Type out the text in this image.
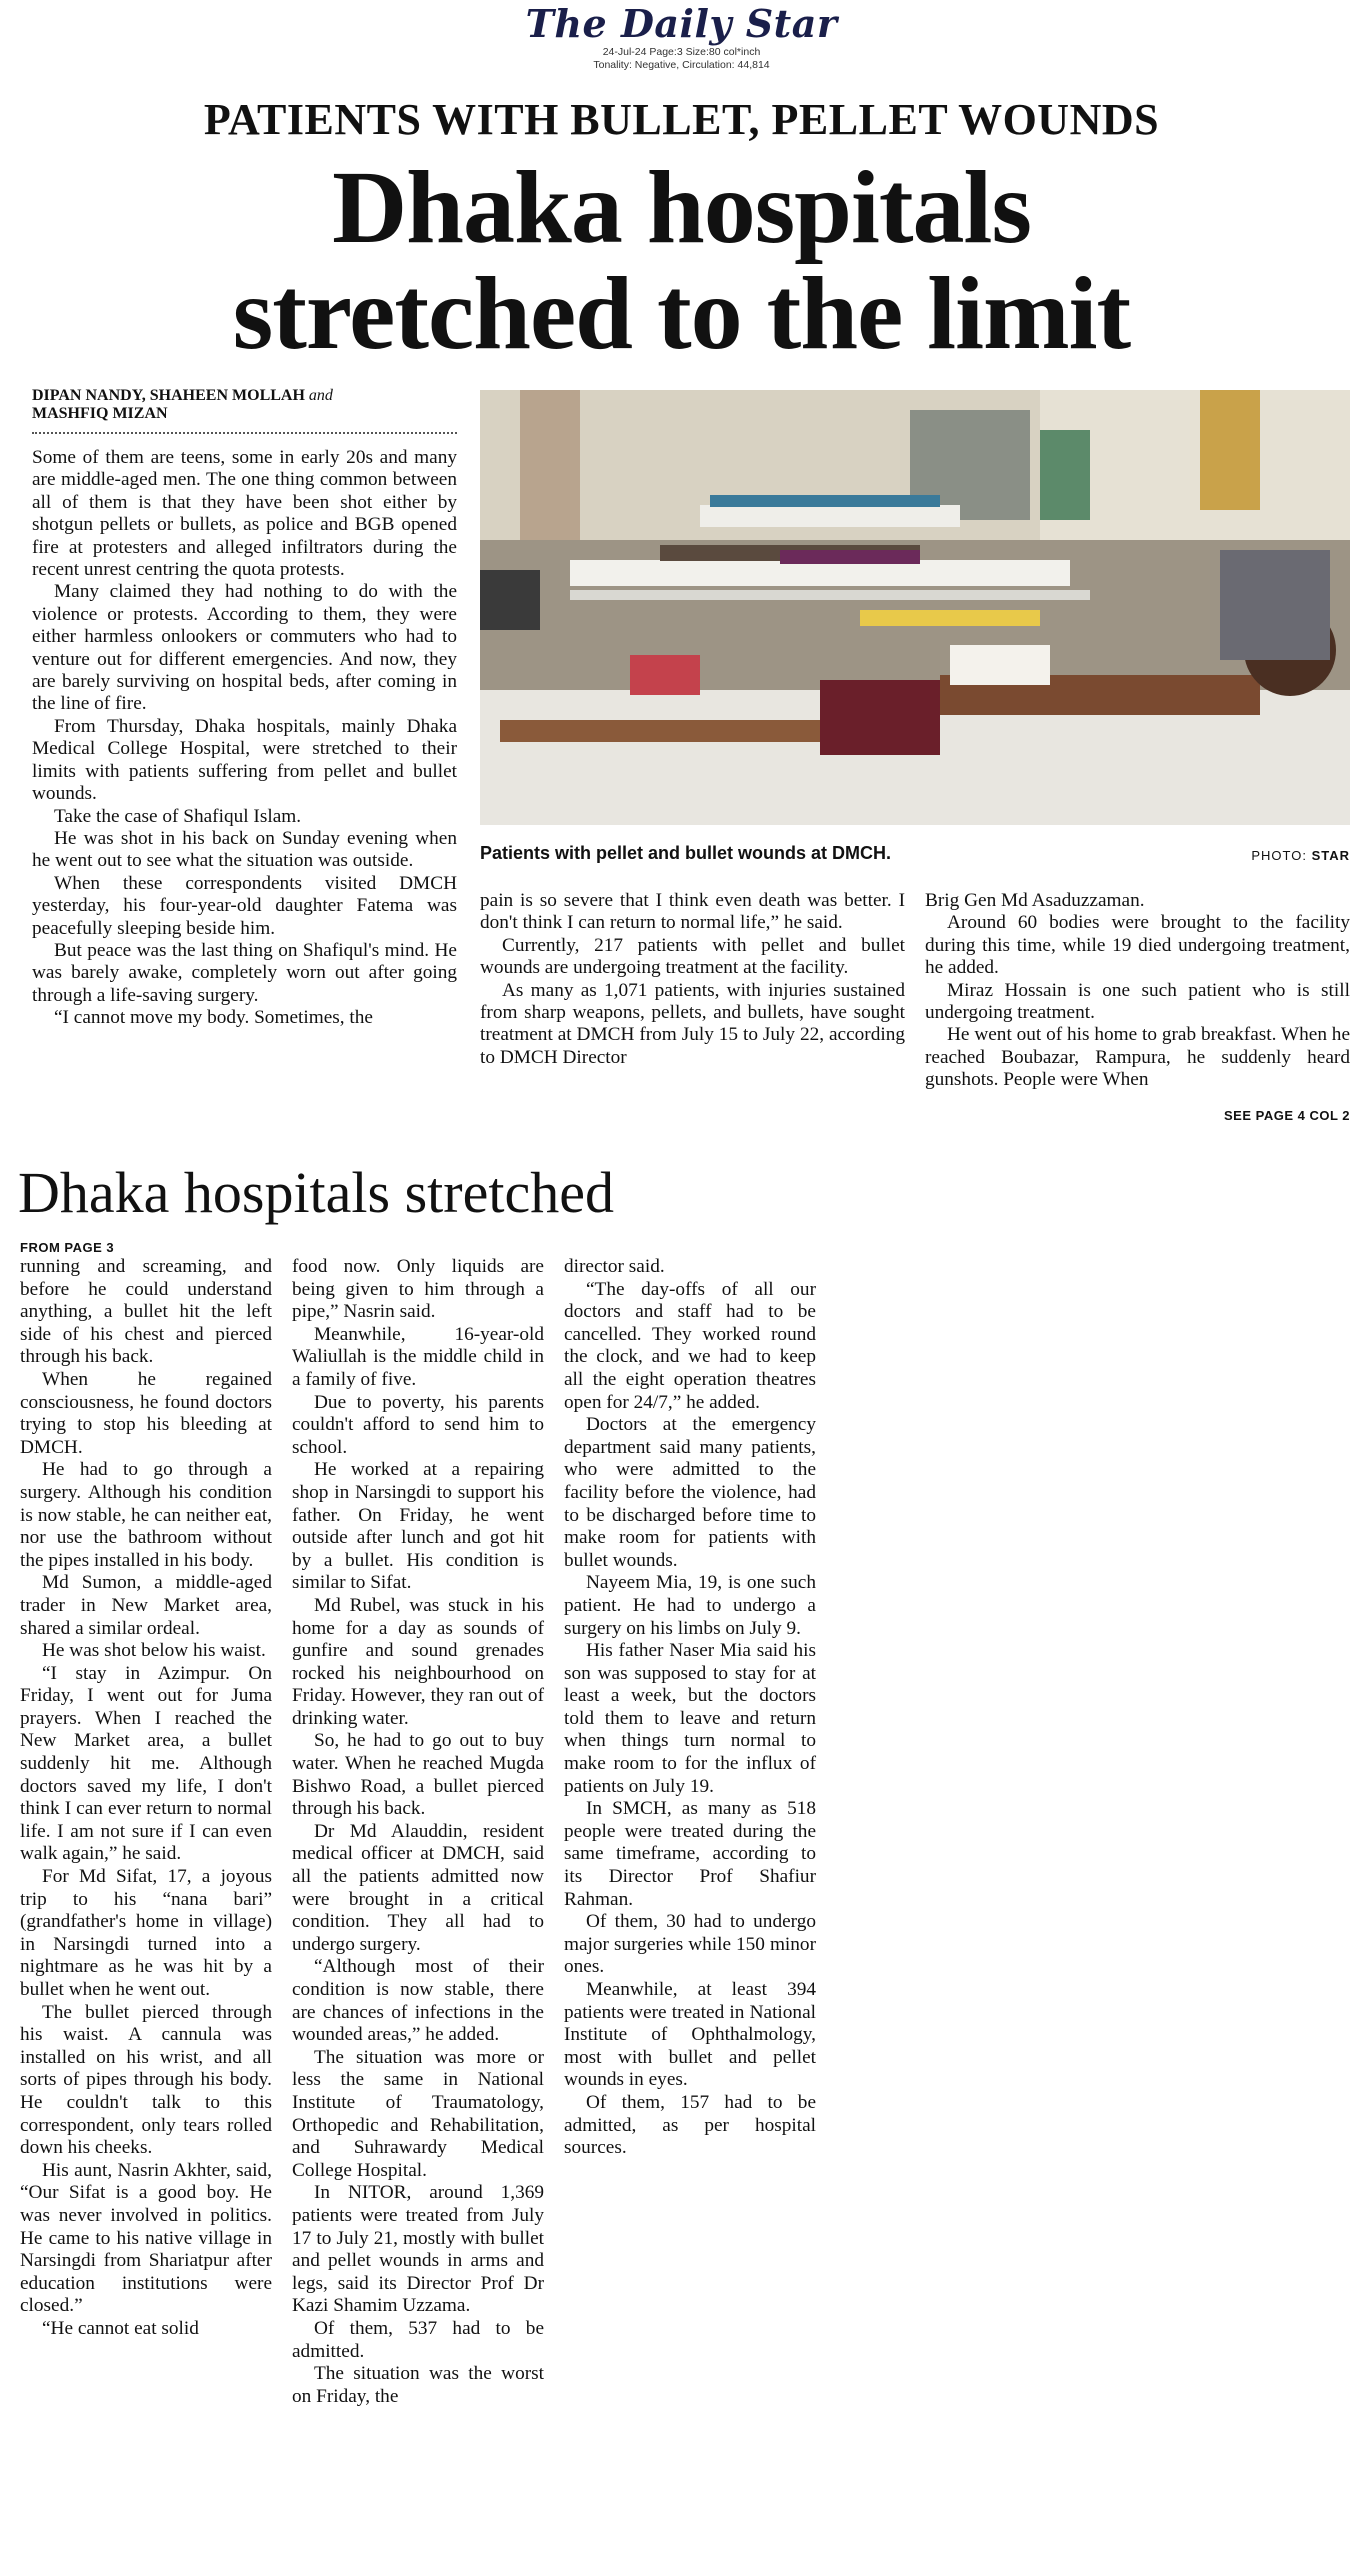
The Daily Star
24-Jul-24 Page:3 Size:80 col*inch
Tonality: Negative, Circulation: 44,814
PATIENTS WITH BULLET, PELLET WOUNDS
Dhaka hospitals
stretched to the limit
DIPAN NANDY, SHAHEEN MOLLAH and
MASHFIQ MIZAN

Some of them are teens, some in early 20s and many are middle-aged men. The one thing common between all of them is that they have been shot either by shotgun pellets or bullets, as police and BGB opened fire at protesters and alleged infiltrators during the recent unrest centring the quota protests.

Many claimed they had nothing to do with the violence or protests. According to them, they were either harmless onlookers or commuters who had to venture out for different emergencies. And now, they are barely surviving on hospital beds, after coming in the line of fire.

From Thursday, Dhaka hospitals, mainly Dhaka Medical College Hospital, were stretched to their limits with patients suffering from pellet and bullet wounds.

Take the case of Shafiqul Islam.

He was shot in his back on Sunday evening when he went out to see what the situation was outside.

When these correspondents visited DMCH yesterday, his four-year-old daughter Fatema was peacefully sleeping beside him.

But peace was the last thing on Shafiqul's mind. He was barely awake, completely worn out after going through a life-saving surgery.

“I cannot move my body. Sometimes, the

Patients with pellet and bullet wounds at DMCH.	PHOTO: STAR

pain is so severe that I think even death was better. I don't think I can return to normal life,” he said.

Currently, 217 patients with pellet and bullet wounds are undergoing treatment at the facility.

As many as 1,071 patients, with injuries sustained from sharp weapons, pellets, and bullets, have sought treatment at DMCH from July 15 to July 22, according to DMCH Director

Brig Gen Md Asaduzzaman.

Around 60 bodies were brought to the facility during this time, while 19 died undergoing treatment, he added.

Miraz Hossain is one such patient who is still undergoing treatment.

He went out of his home to grab breakfast. When he reached Boubazar, Rampura, he suddenly heard gunshots. People were When

SEE PAGE 4 COL 2
Dhaka hospitals stretched
FROM PAGE 3

running and screaming, and before he could understand anything, a bullet hit the left side of his chest and pierced through his back.

When he regained consciousness, he found doctors trying to stop his bleeding at DMCH.

He had to go through a surgery. Although his condition is now stable, he can neither eat, nor use the bathroom without the pipes installed in his body.

Md Sumon, a middle-aged trader in New Market area, shared a similar ordeal.

He was shot below his waist.

“I stay in Azimpur. On Friday, I went out for Juma prayers. When I reached the New Market area, a bullet suddenly hit me. Although doctors saved my life, I don't think I can ever return to normal life. I am not sure if I can even walk again,” he said.

For Md Sifat, 17, a joyous trip to his “nana bari” (grandfather's home in village) in Narsingdi turned into a nightmare as he was hit by a bullet when he went out.

The bullet pierced through his waist. A cannula was installed on his wrist, and all sorts of pipes through his body. He couldn't talk to this correspondent, only tears rolled down his cheeks.

His aunt, Nasrin Akhter, said, “Our Sifat is a good boy. He was never involved in politics. He came to his native village in Narsingdi from Shariatpur after education institutions were closed.”

“He cannot eat solid

food now. Only liquids are being given to him through a pipe,” Nasrin said.

Meanwhile, 16-year-old Waliullah is the middle child in a family of five.

Due to poverty, his parents couldn't afford to send him to school.

He worked at a repairing shop in Narsingdi to support his father. On Friday, he went outside after lunch and got hit by a bullet. His condition is similar to Sifat.

Md Rubel, was stuck in his home for a day as sounds of gunfire and sound grenades rocked his neighbourhood on Friday. However, they ran out of drinking water.

So, he had to go out to buy water. When he reached Mugda Bishwo Road, a bullet pierced through his back.

Dr Md Alauddin, resident medical officer at DMCH, said all the patients admitted now were brought in a critical condition. They all had to undergo surgery.

“Although most of their condition is now stable, there are chances of infections in the wounded areas,” he added.

The situation was more or less the same in National Institute of Traumatology, Orthopedic and Rehabilitation, and Suhrawardy Medical College Hospital.

In NITOR, around 1,369 patients were treated from July 17 to July 21, mostly with bullet and pellet wounds in arms and legs, said its Director Prof Dr Kazi Shamim Uzzama.

Of them, 537 had to be admitted.

The situation was the worst on Friday, the

director said.

“The day-offs of all our doctors and staff had to be cancelled. They worked round the clock, and we had to keep all the eight operation theatres open for 24/7,” he added.

Doctors at the emergency department said many patients, who were admitted to the facility before the violence, had to be discharged before time to make room for patients with bullet wounds.

Nayeem Mia, 19, is one such patient. He had to undergo a surgery on his limbs on July 9.

His father Naser Mia said his son was supposed to stay for at least a week, but the doctors told them to leave and return when things turn normal to make room to for the influx of patients on July 19.

In SMCH, as many as 518 people were treated during the same timeframe, according to its Director Prof Shafiur Rahman.

Of them, 30 had to undergo major surgeries while 150 minor ones.

Meanwhile, at least 394 patients were treated in National Institute of Ophthalmology, most with bullet and pellet wounds in eyes.

Of them, 157 had to be admitted, as per hospital sources.
